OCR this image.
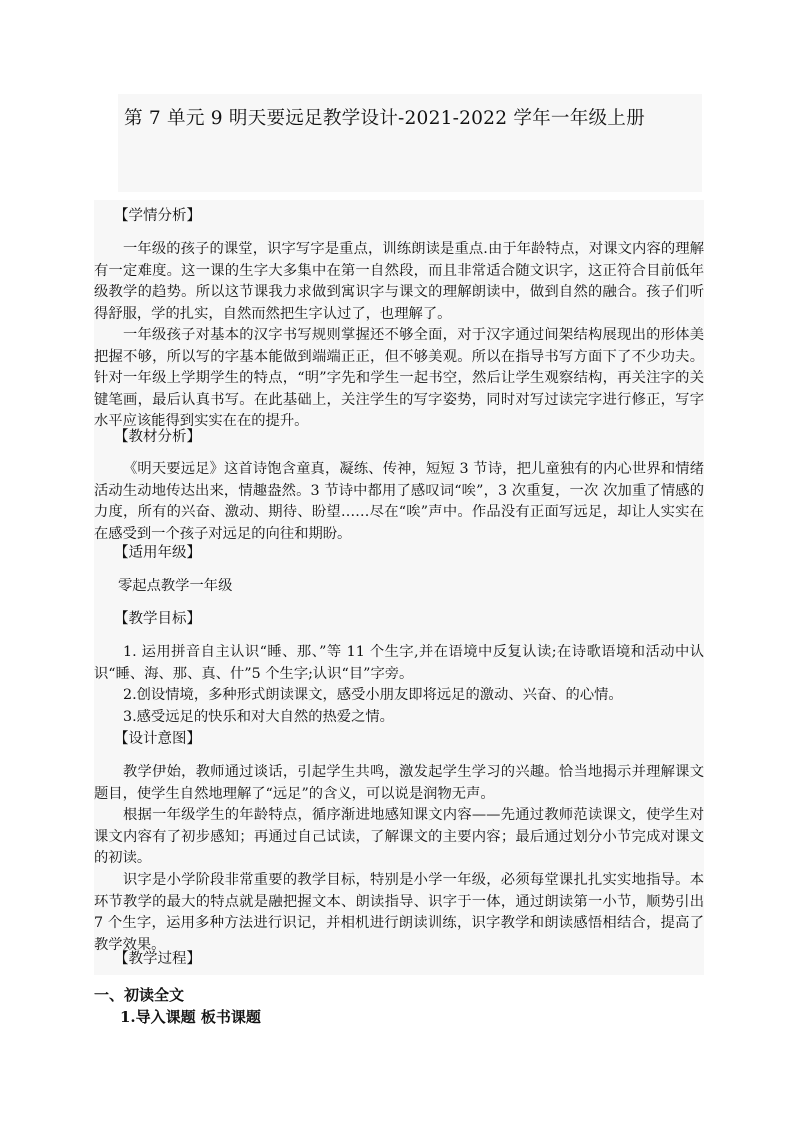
第 7 单元 9 明天要远足教学设计-2021-2022 学年一年级上册
【学情分析】
一年级的孩子的课堂，识字写字是重点，训练朗读是重点.由于年龄特点，对课文内容的理解有一定难度。这一课的生字大多集中在第一自然段，而且非常适合随文识字，这正符合目前低年级教学的趋势。所以这节课我力求做到寓识字与课文的理解朗读中，做到自然的融合。孩子们听得舒服，学的扎实，自然而然把生字认过了，也理解了。
一年级孩子对基本的汉字书写规则掌握还不够全面，对于汉字通过间架结构展现出的形体美把握不够，所以写的字基本能做到端端正正，但不够美观。所以在指导书写方面下了不少功夫。针对一年级上学期学生的特点，“明”字先和学生一起书空，然后让学生观察结构，再关注字的关键笔画，最后认真书写。在此基础上，关注学生的写字姿势，同时对写过读完字进行修正，写字水平应该能得到实实在在的提升。
【教材分析】
《明天要远足》这首诗饱含童真，凝练、传神，短短 3 节诗，把儿童独有的内心世界和情绪活动生动地传达出来，情趣盎然。3 节诗中都用了感叹词“唉”，3 次重复，一次 次加重了情感的力度，所有的兴奋、激动、期待、盼望……尽在“唉”声中。作品没有正面写远足，却让人实实在在感受到一个孩子对远足的向往和期盼。
【适用年级】
零起点教学一年级
【教学目标】
1. 运用拼音自主认识“睡、那、”等 11 个生字,并在语境中反复认读;在诗歌语境和活动中认识“睡、海、那、真、什”5 个生字;认识“目”字旁。
2.创设情境，多种形式朗读课文，感受小朋友即将远足的激动、兴奋、的心情。
3.感受远足的快乐和对大自然的热爱之情。
【设计意图】
教学伊始，教师通过谈话，引起学生共鸣，激发起学生学习的兴趣。恰当地揭示并理解课文题目，使学生自然地理解了“远足”的含义，可以说是润物无声。
根据一年级学生的年龄特点，循序渐进地感知课文内容——先通过教师范读课文，使学生对课文内容有了初步感知；再通过自己试读，了解课文的主要内容；最后通过划分小节完成对课文的初读。
识字是小学阶段非常重要的教学目标，特别是小学一年级，必须每堂课扎扎实实地指导。本环节教学的最大的特点就是融把握文本、朗读指导、识字于一体，通过朗读第一小节，顺势引出 7 个生字，运用多种方法进行识记，并相机进行朗读训练，识字教学和朗读感悟相结合，提高了教学效果。
【教学过程】
一、初读全文
1.导入课题 板书课题
